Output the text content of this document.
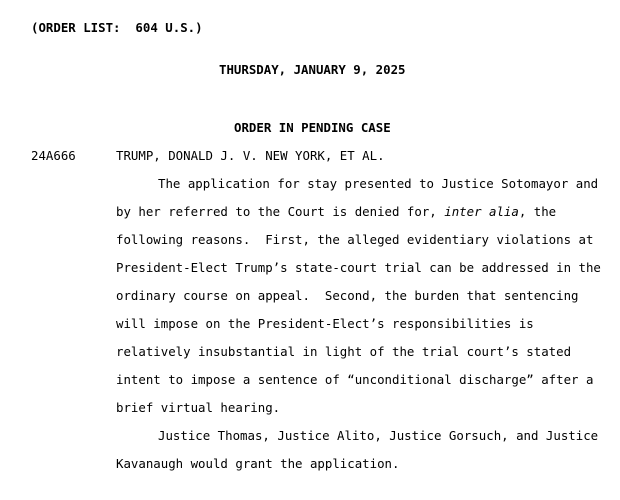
(ORDER LIST:  604 U.S.)
THURSDAY, JANUARY 9, 2025
ORDER IN PENDING CASE
24A666	TRUMP, DONALD J. V. NEW YORK, ET AL.
The application for stay presented to Justice Sotomayor and
by her referred to the Court is denied for, inter alia, the
following reasons.  First, the alleged evidentiary violations at
President-Elect Trump’s state-court trial can be addressed in the
ordinary course on appeal.  Second, the burden that sentencing
will impose on the President-Elect’s responsibilities is
relatively insubstantial in light of the trial court’s stated
intent to impose a sentence of “unconditional discharge” after a
brief virtual hearing.
Justice Thomas, Justice Alito, Justice Gorsuch, and Justice
Kavanaugh would grant the application.
